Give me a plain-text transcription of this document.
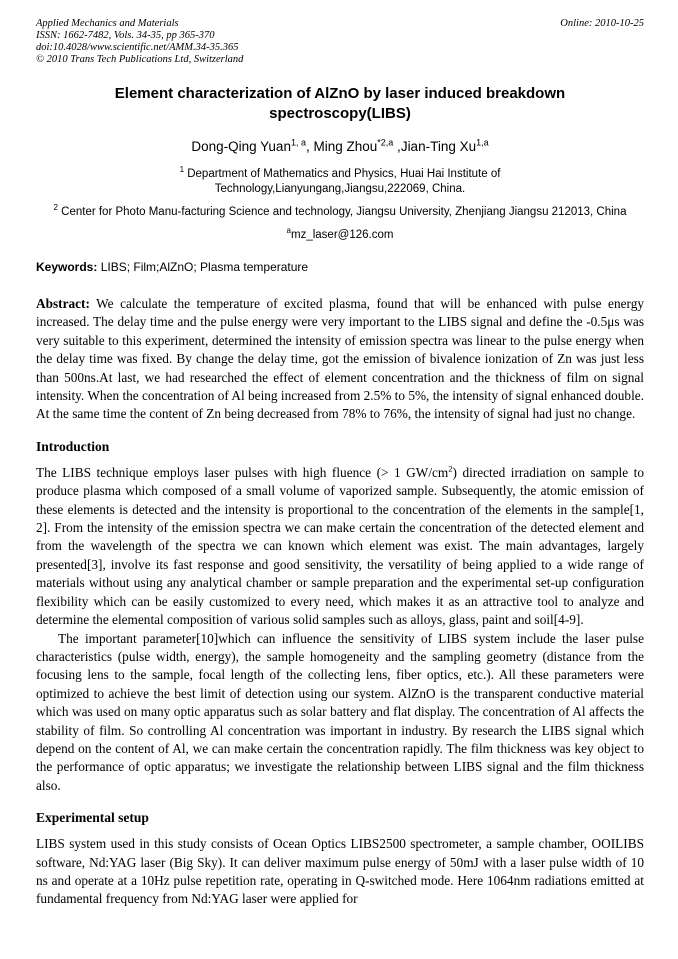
Applied Mechanics and Materials
ISSN: 1662-7482, Vols. 34-35, pp 365-370
doi:10.4028/www.scientific.net/AMM.34-35.365
© 2010 Trans Tech Publications Ltd, Switzerland
Online: 2010-10-25
Element characterization of AlZnO by laser induced breakdown spectroscopy(LIBS)
Dong-Qing Yuan$^{1, a}$, Ming Zhou$^{*2,a}$ ,Jian-Ting Xu$^{1,a}$
$^1$ Department of Mathematics and Physics, Huai Hai Institute of Technology,Lianyungang,Jiangsu,222069, China.
$^2$ Center for Photo Manu-facturing Science and technology, Jiangsu University, Zhenjiang Jiangsu 212013, China
$^a$mz_laser@126.com
Keywords: LIBS; Film;AlZnO; Plasma temperature

Abstract: We calculate the temperature of excited plasma, found that will be enhanced with pulse energy increased. The delay time and the pulse energy were very important to the LIBS signal and define the -0.5μs was very suitable to this experiment, determined the intensity of emission spectra was linear to the pulse energy when the delay time was fixed. By change the delay time, got the emission of bivalence ionization of Zn was just less than 500ns.At last, we had researched the effect of element concentration and the thickness of film on signal intensity. When the concentration of Al being increased from 2.5% to 5%, the intensity of signal enhanced double. At the same time the content of Zn being decreased from 78% to 76%, the intensity of signal had just no change.

Introduction

The LIBS technique employs laser pulses with high fluence (> 1 $GW/cm^2$) directed irradiation on sample to produce plasma which composed of a small volume of vaporized sample. Subsequently, the atomic emission of these elements is detected and the intensity is proportional to the concentration of the elements in the sample[1, 2]. From the intensity of the emission spectra we can make certain the concentration of the detected element and from the wavelength of the spectra we can known which element was exist. The main advantages, largely presented[3], involve its fast response and good sensitivity, the versatility of being applied to a wide range of materials without using any analytical chamber or sample preparation and the experimental set-up configuration flexibility which can be easily customized to every need, which makes it as an attractive tool to analyze and determine the elemental composition of various solid samples such as alloys, glass, paint and soil[4-9].

The important parameter[10]which can influence the sensitivity of LIBS system include the laser pulse characteristics (pulse width, energy), the sample homogeneity and the sampling geometry (distance from the focusing lens to the sample, focal length of the collecting lens, fiber optics, etc.). All these parameters were optimized to achieve the best limit of detection using our system. AlZnO is the transparent conductive material which was used on many optic apparatus such as solar battery and flat display. The concentration of Al affects the stability of film. So controlling Al concentration was important in industry. By research the LIBS signal which depend on the content of Al, we can make certain the concentration rapidly. The film thickness was key object to the performance of optic apparatus; we investigate the relationship between LIBS signal and the film thickness also.

Experimental setup

LIBS system used in this study consists of Ocean Optics LIBS2500 spectrometer, a sample chamber, OOILIBS software, Nd:YAG laser (Big Sky). It can deliver maximum pulse energy of 50mJ with a laser pulse width of 10 ns and operate at a 10Hz pulse repetition rate, operating in Q-switched mode. Here 1064nm radiations emitted at fundamental frequency from Nd:YAG laser were applied for
